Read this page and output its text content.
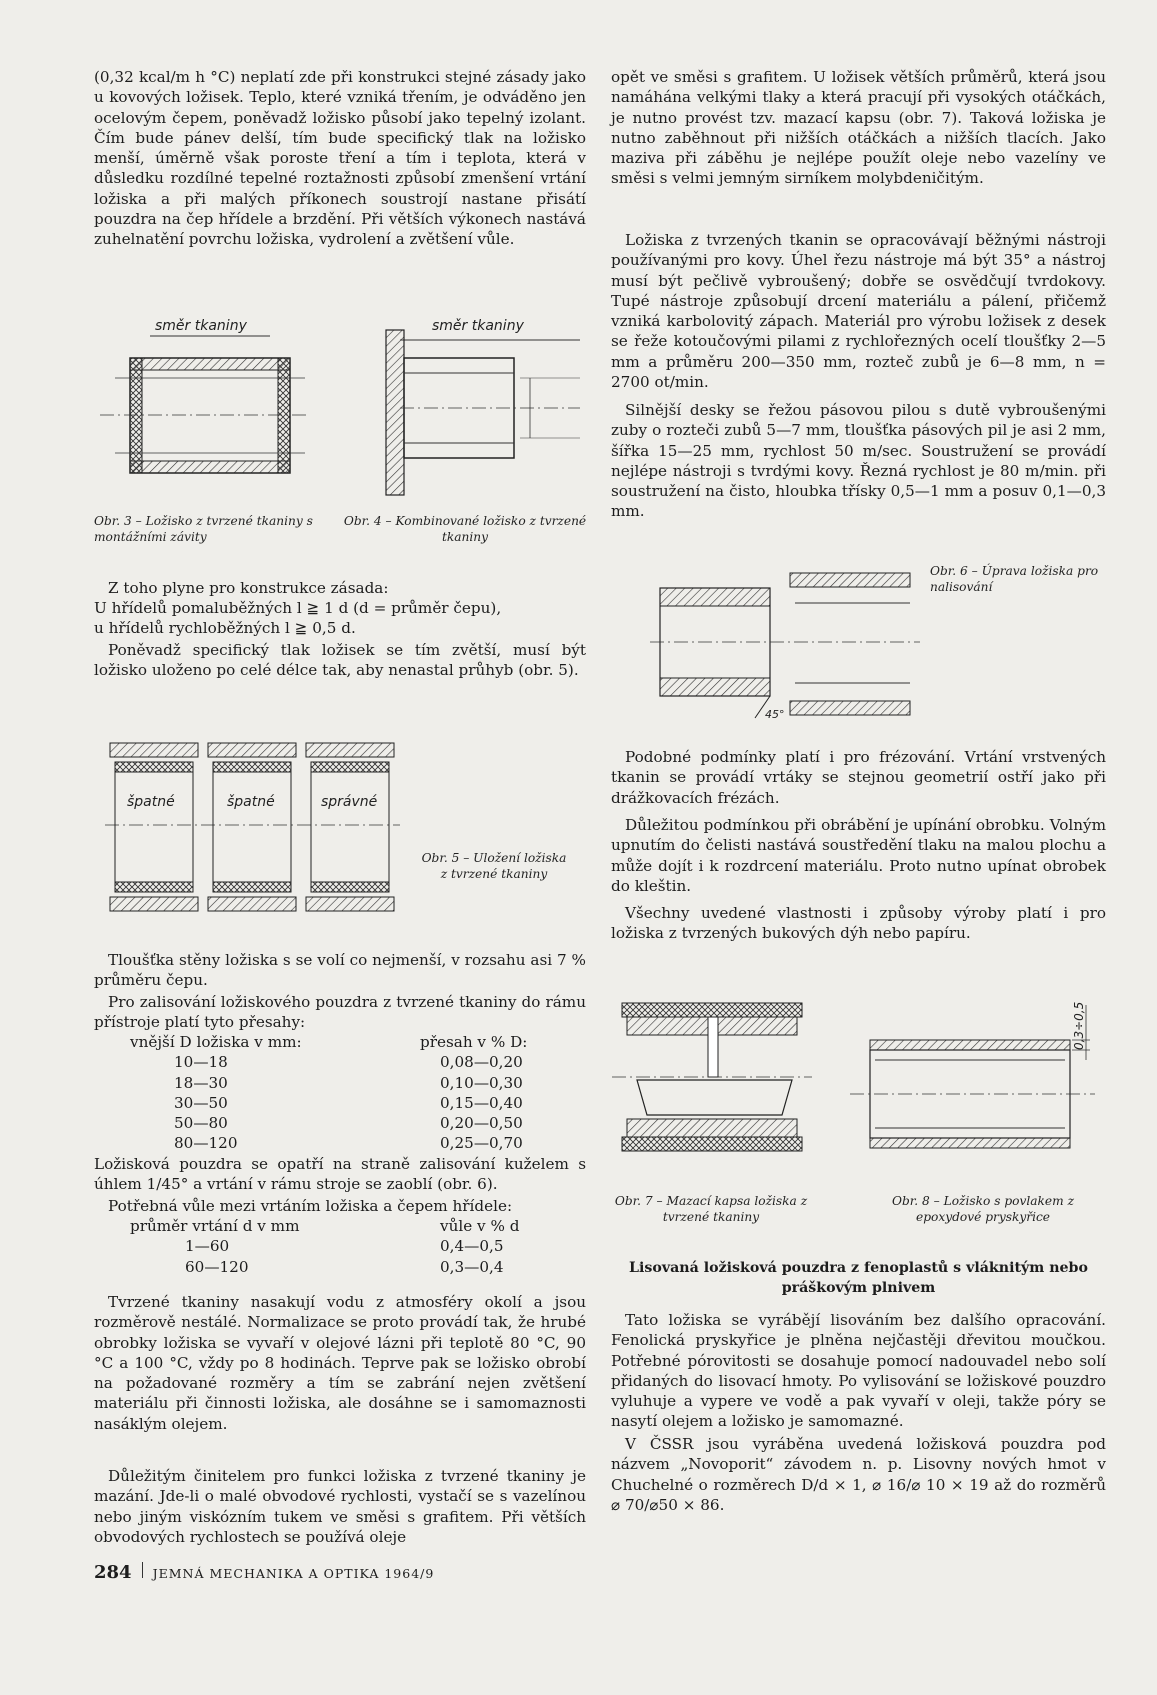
(0,32 kcal/m h °C) neplatí zde při konstrukci stejné zásady jako u kovových ložisek. Teplo, které vzniká třením, je odváděno jen ocelovým čepem, poněvadž ložisko působí jako tepelný izolant. Čím bude pánev delší, tím bude specifický tlak na ložisko menší, úměrně však poroste tření a tím i teplota, která v důsledku rozdílné tepelné roztažnosti způsobí zmenšení vrtání ložiska a při malých příkonech soustrojí nastane přisátí pouzdra na čep hřídele a brzdění. Při větších výkonech nastává zuhelnatění povrchu ložiska, vydrolení a zvětšení vůle.

směr tkaniny	směr tkaniny
Obr. 3 – Ložisko z tvrzené tkaniny s montážními závity
Obr. 4 – Kombinované ložisko z tvrzené tkaniny

Z toho plyne pro konstrukce zásada:

U hřídelů pomaluběžných l ≧ 1 d (d = průměr čepu),

u hřídelů rychloběžných l ≧ 0,5 d.

Poněvadž specifický tlak ložisek se tím zvětší, musí být ložisko uloženo po celé délce tak, aby nenastal průhyb (obr. 5).

špatné	špatné	správné
Obr. 5 – Uložení ložiska z tvrzené tkaniny

Tloušťka stěny ložiska s se volí co nejmenší, v rozsahu asi 7 % průměru čepu.

Pro zalisování ložiskového pouzdra z tvrzené tkaniny do rámu přístroje platí tyto přesahy:

vnější D ložiska v mm:	přesah v % D:
10—18	0,08—0,20
18—30	0,10—0,30
30—50	0,15—0,40
50—80	0,20—0,50
80—120	0,25—0,70

Ložisková pouzdra se opatří na straně zalisování kuželem s úhlem 1/45° a vrtání v rámu stroje se zaoblí (obr. 6).

Potřebná vůle mezi vrtáním ložiska a čepem hřídele:

průměr vrtání d v mm	vůle v % d
1—60	0,4—0,5
60—120	0,3—0,4

Tvrzené tkaniny nasakují vodu z atmosféry okolí a jsou rozměrově nestálé. Normalizace se proto provádí tak, že hrubé obrobky ložiska se vyvaří v olejové lázni při teplotě 80 °C, 90 °C a 100 °C, vždy po 8 hodinách. Teprve pak se ložisko obrobí na požadované rozměry a tím se zabrání nejen zvětšení materiálu při činnosti ložiska, ale dosáhne se i samomaznosti nasáklým olejem.

Důležitým činitelem pro funkci ložiska z tvrzené tkaniny je mazání. Jde-li o malé obvodové rychlosti, vystačí se s vazelínou nebo jiným viskózním tukem ve směsi s grafitem. Při větších obvodových rychlostech se používá oleje

opět ve směsi s grafitem. U ložisek větších průměrů, která jsou namáhána velkými tlaky a která pracují při vysokých otáčkách, je nutno provést tzv. mazací kapsu (obr. 7). Taková ložiska je nutno zaběhnout při nižších otáčkách a nižších tlacích. Jako maziva při záběhu je nejlépe použít oleje nebo vazelíny ve směsi s velmi jemným sirníkem molybdeničitým.

Ložiska z tvrzených tkanin se opracovávají běžnými nástroji používanými pro kovy. Úhel řezu nástroje má být 35° a nástroj musí být pečlivě vybroušený; dobře se osvědčují tvrdokovy. Tupé nástroje způsobují drcení materiálu a pálení, přičemž vzniká karbolovitý zápach. Materiál pro výrobu ložisek z desek se řeže kotoučovými pilami z rychlořezných ocelí tloušťky 2—5 mm a průměru 200—350 mm, rozteč zubů je 6—8 mm, n = 2700 ot/min.

Silnější desky se řežou pásovou pilou s dutě vybroušenými zuby o rozteči zubů 5—7 mm, tloušťka pásových pil je asi 2 mm, šířka 15—25 mm, rychlost 50 m/sec. Soustružení se provádí nejlépe nástroji s tvrdými kovy. Řezná rychlost je 80 m/min. při soustružení na čisto, hloubka třísky 0,5—1 mm a posuv 0,1—0,3 mm.

45°
Obr. 6 – Úprava ložiska pro nalisování

Podobné podmínky platí i pro frézování. Vrtání vrstvených tkanin se provádí vrtáky se stejnou geometrií ostří jako při drážkovacích frézách.

Důležitou podmínkou při obrábění je upínání obrobku. Volným upnutím do čelisti nastává soustředění tlaku na malou plochu a může dojít i k rozdrcení materiálu. Proto nutno upínat obrobek do kleštin.

Všechny uvedené vlastnosti i způsoby výroby platí i pro ložiska z tvrzených bukových dýh nebo papíru.

0,3÷0,5
Obr. 7 – Mazací kapsa ložiska z tvrzené tkaniny
Obr. 8 – Ložisko s povlakem z epoxydové pryskyřice
Lisovaná ložisková pouzdra z fenoplastů s vláknitým nebo práškovým plnivem

Tato ložiska se vyrábějí lisováním bez dalšího opracování. Fenolická pryskyřice je plněna nejčastěji dřevitou moučkou. Potřebné pórovitosti se dosahuje pomocí nadouvadel nebo solí přidaných do lisovací hmoty. Po vylisování se ložiskové pouzdro vyluhuje a vypere ve vodě a pak vyvaří v oleji, takže póry se nasytí olejem a ložisko je samomazné.

V ČSSR jsou vyráběna uvedená ložisková pouzdra pod názvem „Novoporit“ závodem n. p. Lisovny nových hmot v Chuchelné o rozměrech D/d × 1, ⌀ 16/⌀ 10 × 19 až do rozměrů ⌀ 70/⌀50 × 86.

284 JEMNÁ MECHANIKA A OPTIKA 1964/9
